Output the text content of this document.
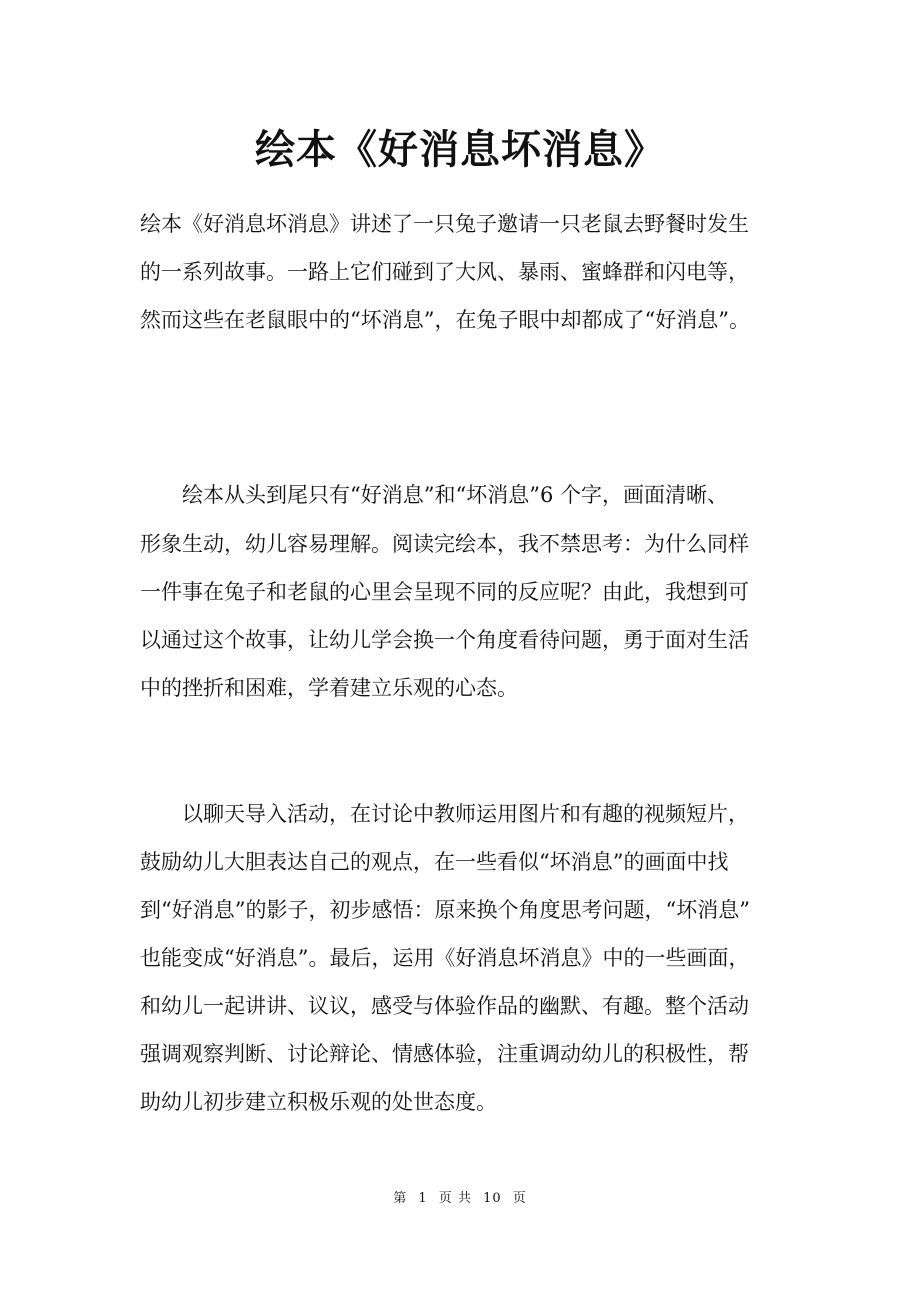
绘本《好消息坏消息》

绘本《好消息坏消息》讲述了一只兔子邀请一只老鼠去野餐时发生

的一系列故事。一路上它们碰到了大风、暴雨、蜜蜂群和闪电等，

然而这些在老鼠眼中的“坏消息”，在兔子眼中却都成了“好消息”。

绘本从头到尾只有“好消息”和“坏消息”6 个字，画面清晰、

形象生动，幼儿容易理解。阅读完绘本，我不禁思考：为什么同样

一件事在兔子和老鼠的心里会呈现不同的反应呢？由此，我想到可

以通过这个故事，让幼儿学会换一个角度看待问题，勇于面对生活

中的挫折和困难，学着建立乐观的心态。

以聊天导入活动，在讨论中教师运用图片和有趣的视频短片，

鼓励幼儿大胆表达自己的观点，在一些看似“坏消息”的画面中找

到“好消息”的影子，初步感悟：原来换个角度思考问题，“坏消息”

也能变成“好消息”。最后，运用《好消息坏消息》中的一些画面，

和幼儿一起讲讲、议议，感受与体验作品的幽默、有趣。整个活动

强调观察判断、讨论辩论、情感体验，注重调动幼儿的积极性，帮

助幼儿初步建立积极乐观的处世态度。

第 1 页 共 10 页
